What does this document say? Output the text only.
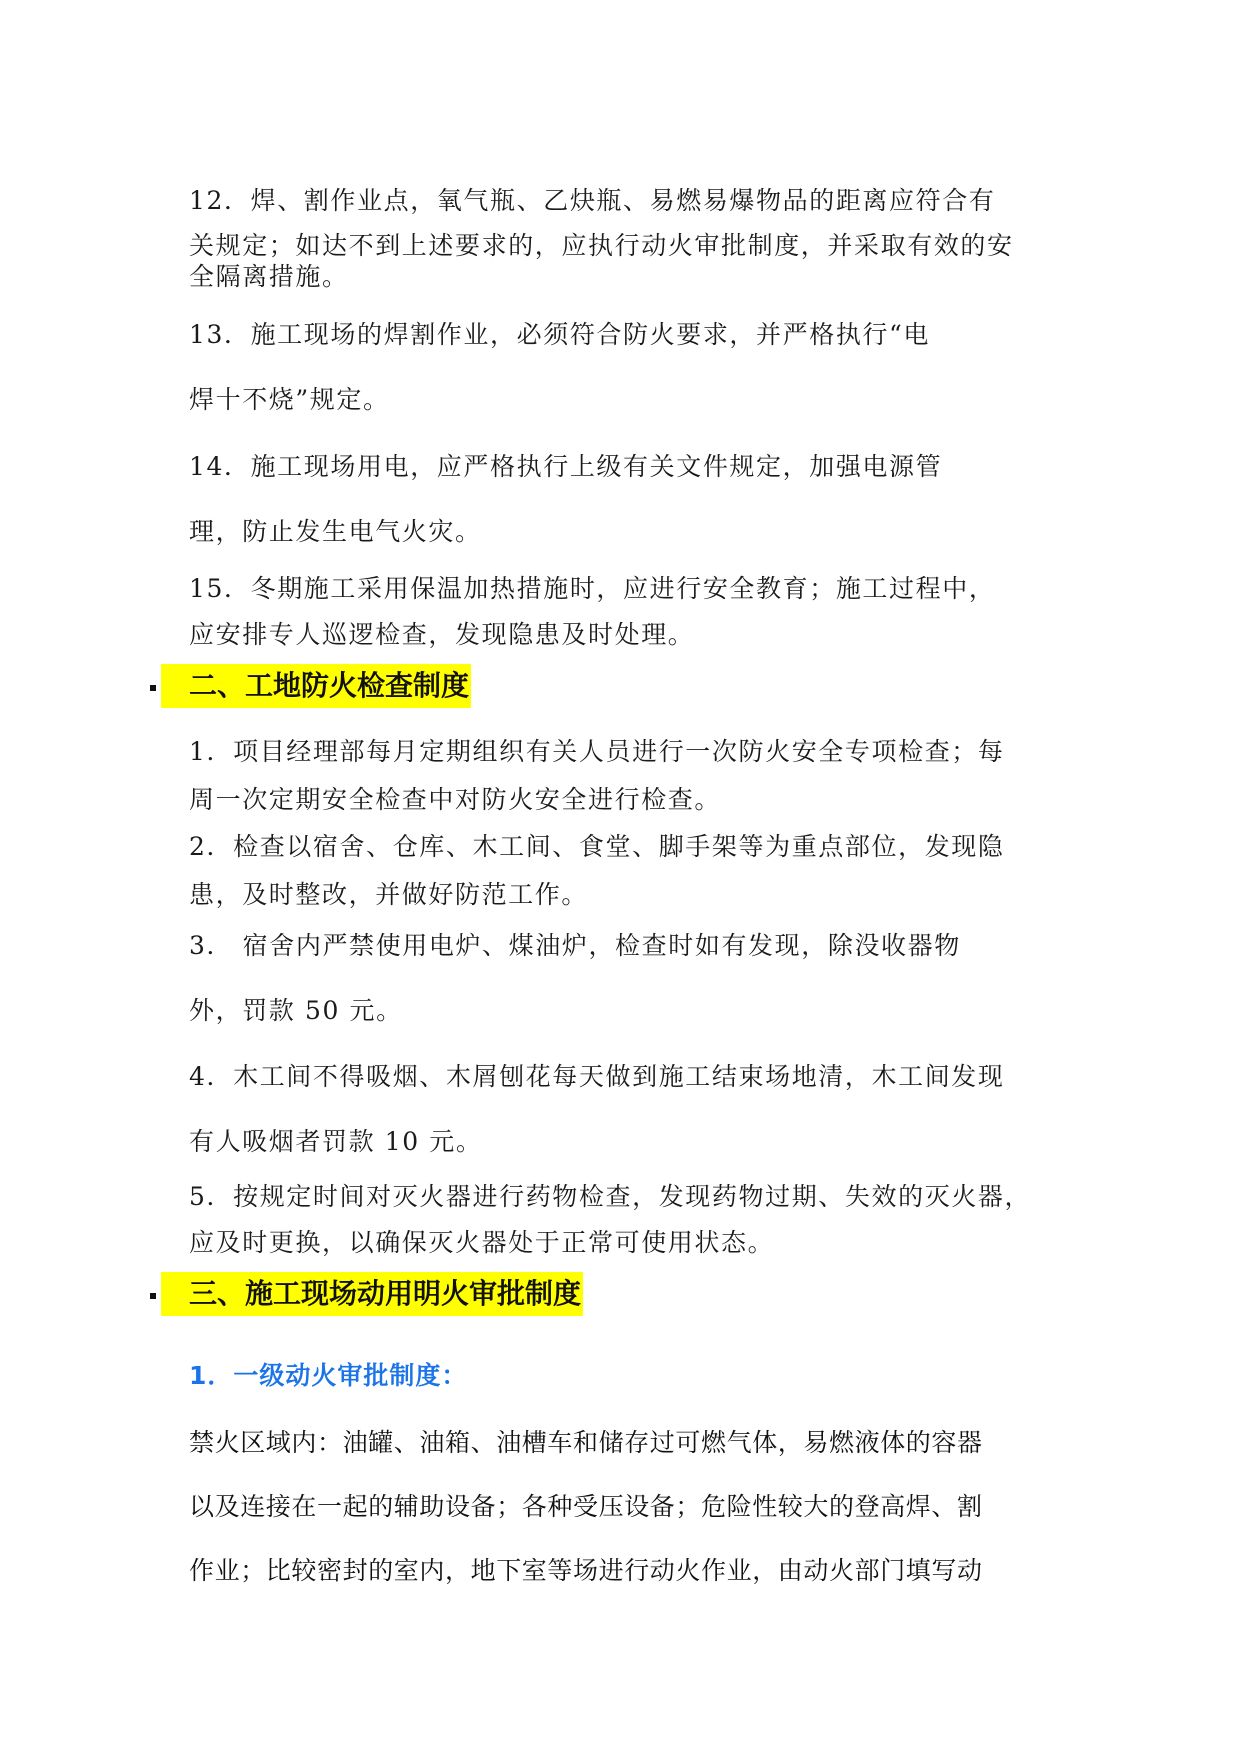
12．焊、割作业点，氧气瓶、乙炔瓶、易燃易爆物品的距离应符合有
关规定；如达不到上述要求的，应执行动火审批制度，并采取有效的安
全隔离措施。
13．施工现场的焊割作业，必须符合防火要求，并严格执行“电
焊十不烧”规定。
14．施工现场用电，应严格执行上级有关文件规定，加强电源管
理，防止发生电气火灾。
15．冬期施工采用保温加热措施时，应进行安全教育；施工过程中，
应安排专人巡逻检查，发现隐患及时处理。
二、工地防火检查制度
1．项目经理部每月定期组织有关人员进行一次防火安全专项检查；每
周一次定期安全检查中对防火安全进行检查。
2．检查以宿舍、仓库、木工间、食堂、脚手架等为重点部位，发现隐
患，及时整改，并做好防范工作。
3． 宿舍内严禁使用电炉、煤油炉，检查时如有发现，除没收器物
外，罚款 50 元。
4．木工间不得吸烟、木屑刨花每天做到施工结束场地清，木工间发现
有人吸烟者罚款 10 元。
5．按规定时间对灭火器进行药物检查，发现药物过期、失效的灭火器，
应及时更换，以确保灭火器处于正常可使用状态。
三、施工现场动用明火审批制度
1．一级动火审批制度：
禁火区域内：油罐、油箱、油槽车和储存过可燃气体，易燃液体的容器
以及连接在一起的辅助设备；各种受压设备；危险性较大的登高焊、割
作业；比较密封的室内，地下室等场进行动火作业，由动火部门填写动
